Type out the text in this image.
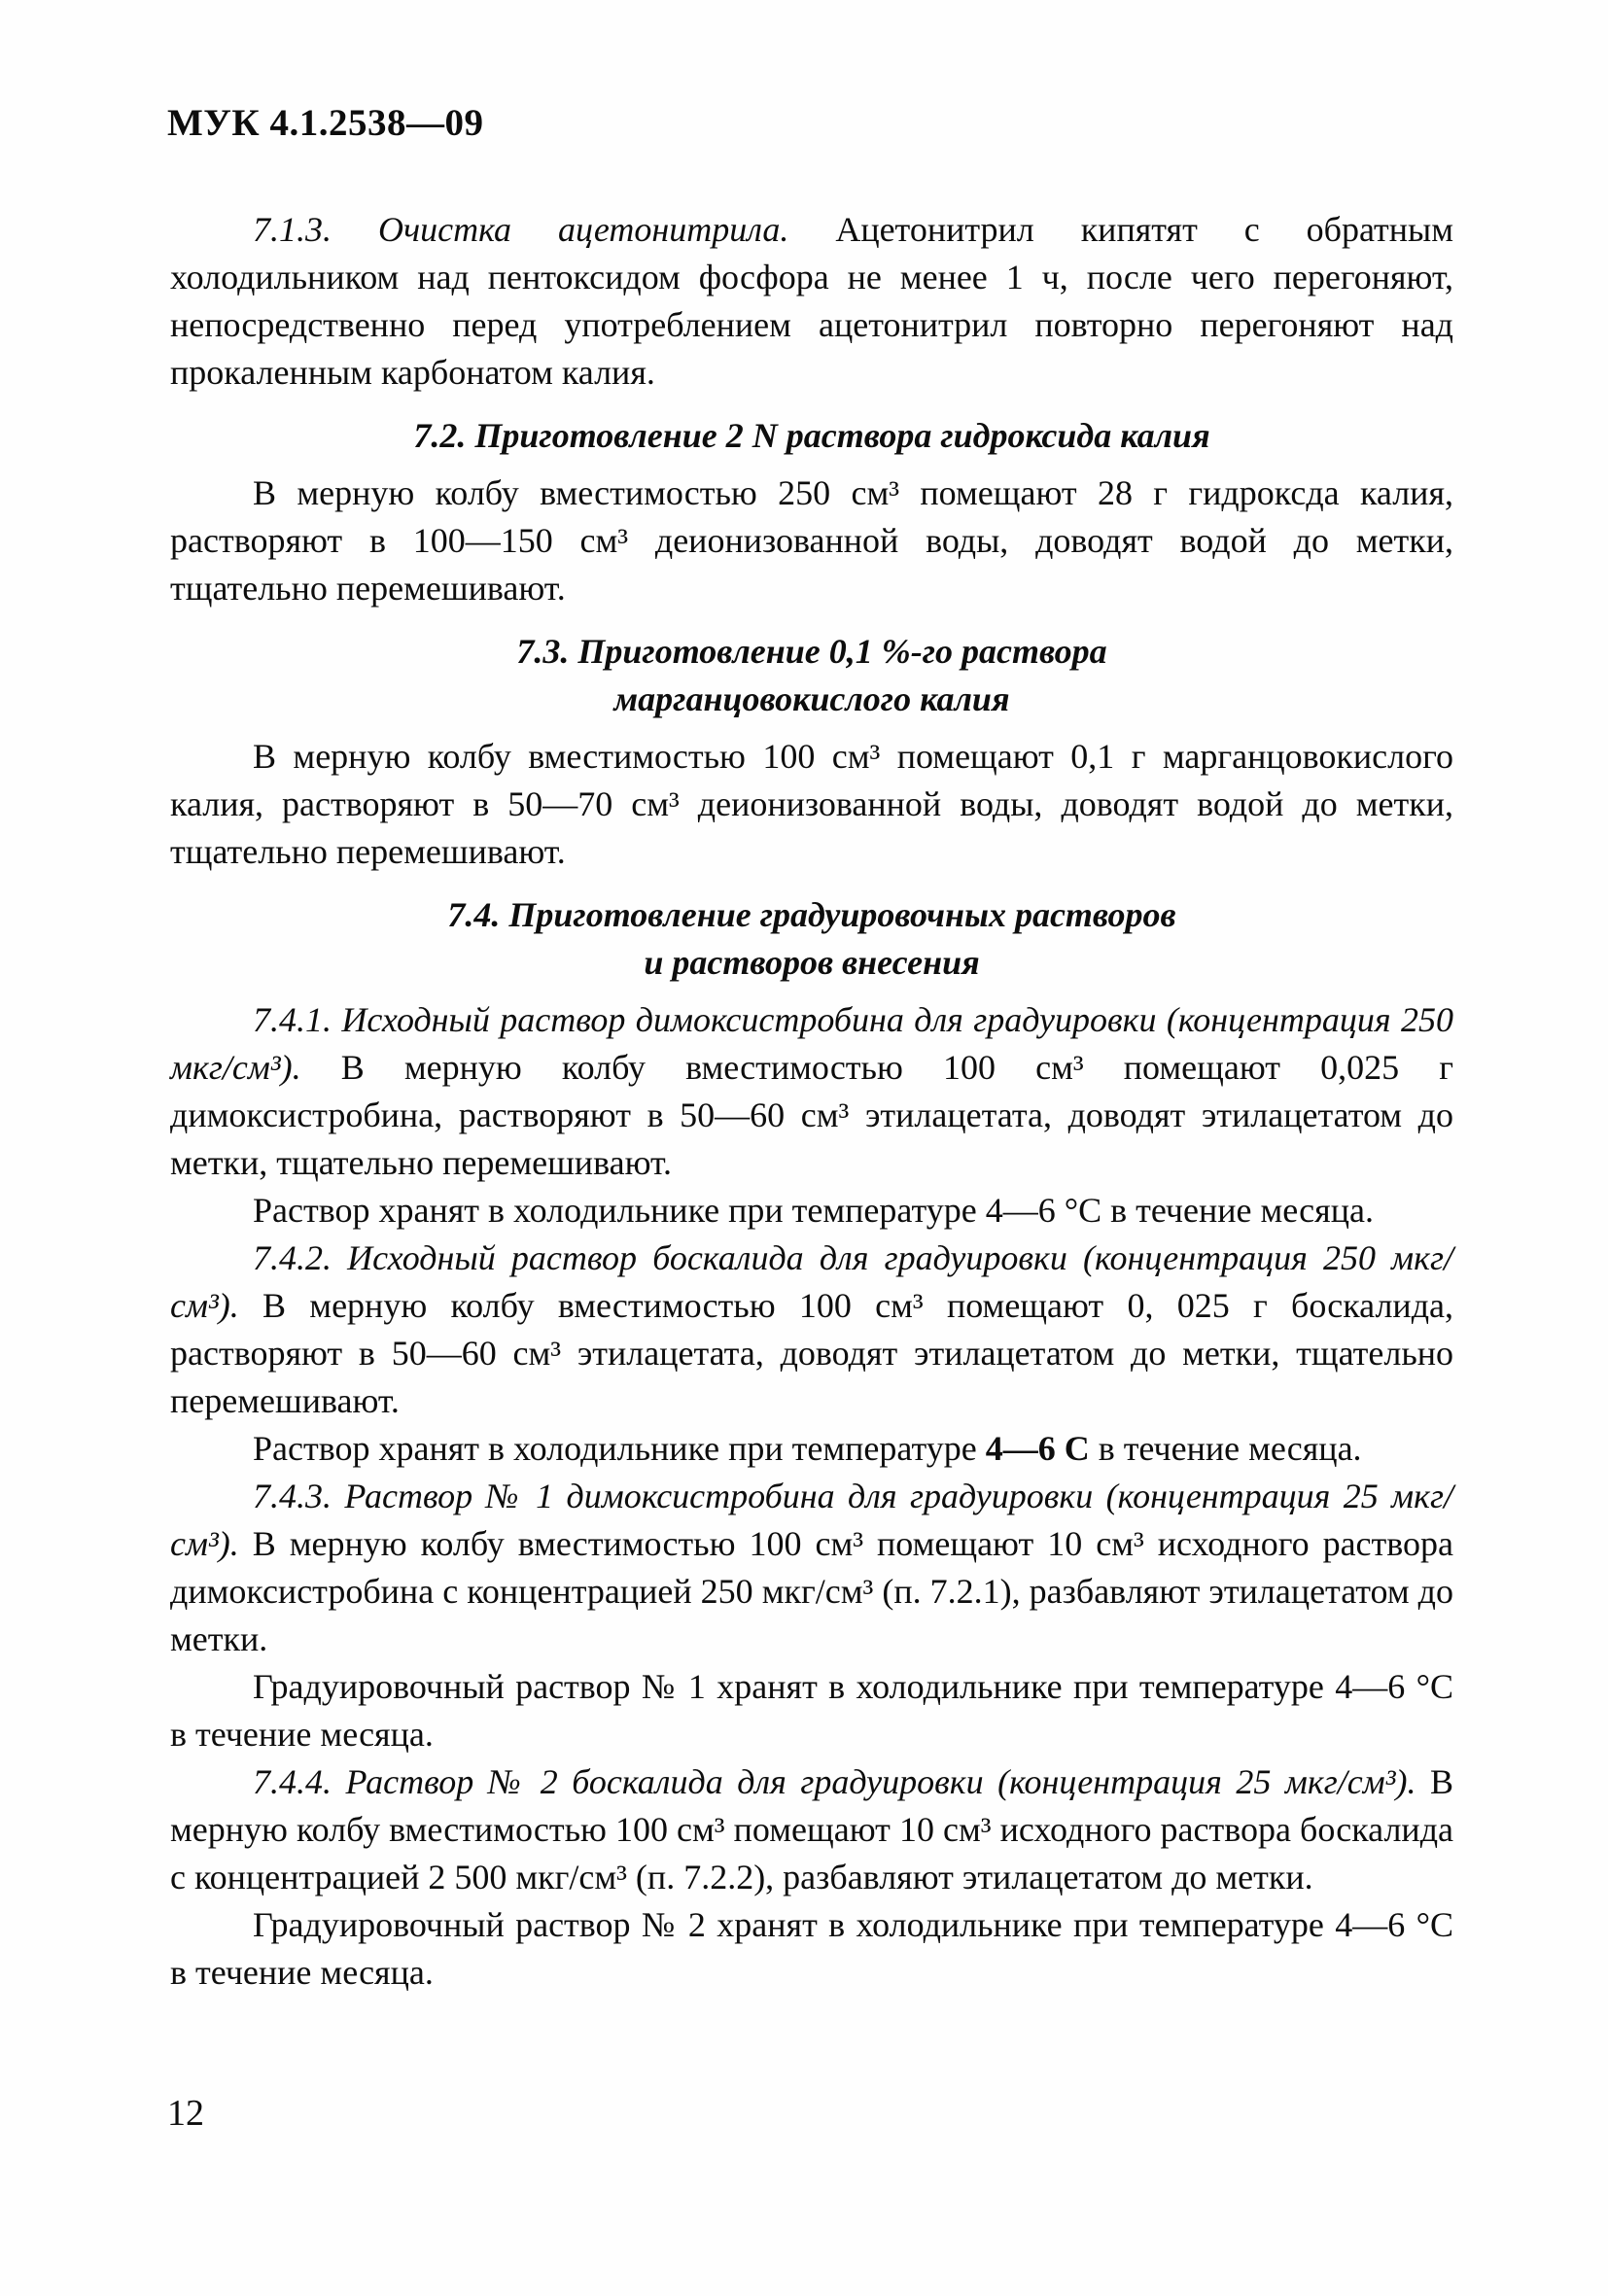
МУК 4.1.2538—09

7.1.3. Очистка ацетонитрила. Ацетонитрил кипятят с обратным холодильником над пентоксидом фосфора не менее 1 ч, после чего перегоняют, непосредственно перед употреблением ацетонитрил повторно перегоняют над прокаленным карбонатом калия.

7.2. Приготовление 2 N раствора гидроксида калия

В мерную колбу вместимостью 250 см³ помещают 28 г гидроксда калия, растворяют в 100—150 см³ деионизованной воды, доводят водой до метки, тщательно перемешивают.

7.3. Приготовление 0,1 %-го раствора
марганцовокислого калия

В мерную колбу вместимостью 100 см³ помещают 0,1 г марганцовокислого калия, растворяют в 50—70 см³ деионизованной воды, доводят водой до метки, тщательно перемешивают.

7.4. Приготовление градуировочных растворов
и растворов внесения

7.4.1. Исходный раствор димоксистробина для градуировки (концентрация 250 мкг/см³). В мерную колбу вместимостью 100 см³ помещают 0,025 г димоксистробина, растворяют в 50—60 см³ этилацетата, доводят этилацетатом до метки, тщательно перемешивают.

Раствор хранят в холодильнике при температуре 4—6 °С в течение месяца.

7.4.2. Исходный раствор боскалида для градуировки (концентрация 250 мкг/см³). В мерную колбу вместимостью 100 см³ помещают 0, 025 г боскалида, растворяют в 50—60 см³ этилацетата, доводят этилацетатом до метки, тщательно перемешивают.

Раствор хранят в холодильнике при температуре 4—6 С в течение месяца.

7.4.3. Раствор № 1 димоксистробина для градуировки (концентрация 25 мкг/см³). В мерную колбу вместимостью 100 см³ помещают 10 см³ исходного раствора димоксистробина с концентрацией 250 мкг/см³ (п. 7.2.1), разбавляют этилацетатом до метки.

Градуировочный раствор № 1 хранят в холодильнике при температуре 4—6 °С в течение месяца.

7.4.4. Раствор № 2 боскалида для градуировки (концентрация 25 мкг/см³). В мерную колбу вместимостью 100 см³ помещают 10 см³ исходного раствора боскалида с концентрацией 2 500 мкг/см³ (п. 7.2.2), разбавляют этилацетатом до метки.

Градуировочный раствор № 2 хранят в холодильнике при температуре 4—6 °С в течение месяца.

12
